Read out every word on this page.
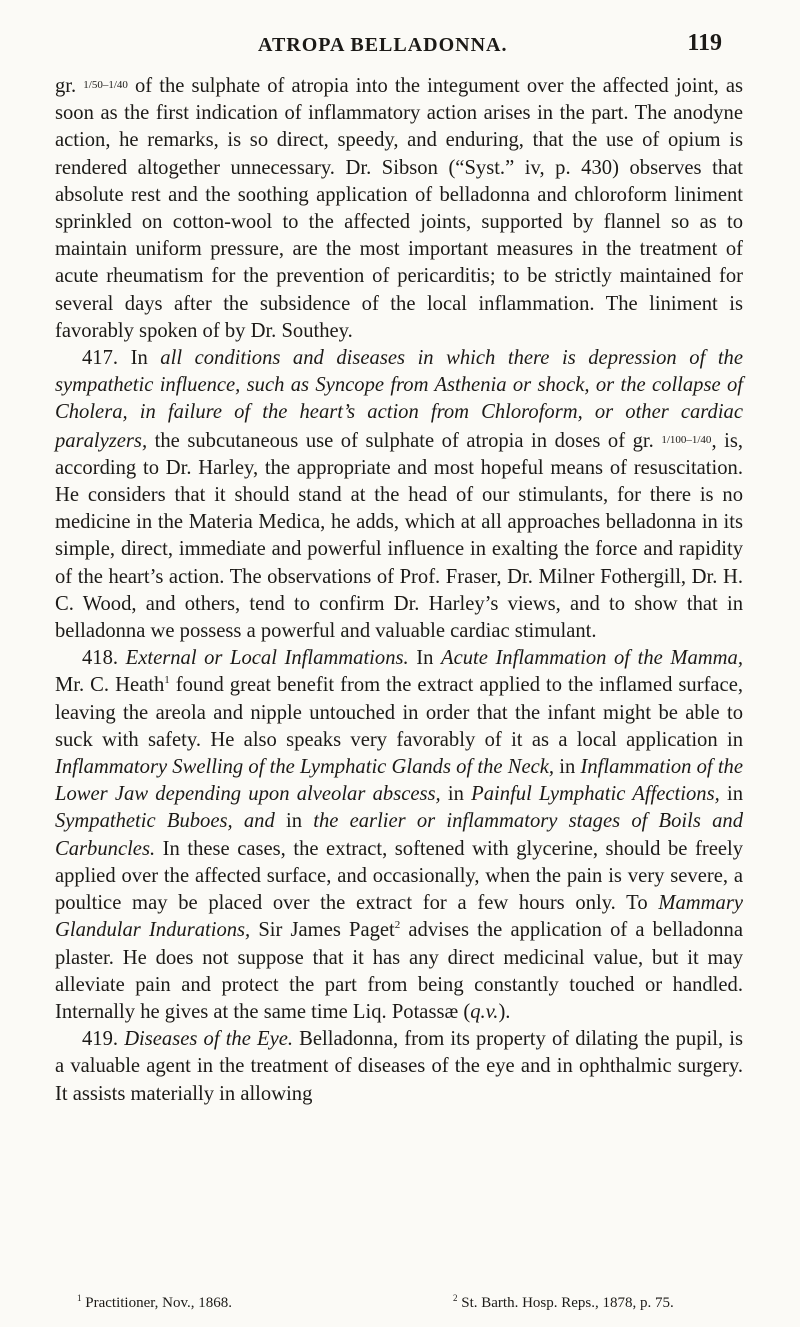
ATROPA BELLADONNA.	119

gr. 1/50–1/40 of the sulphate of atropia into the integument over the affected joint, as soon as the first indication of inflammatory action arises in the part. The anodyne action, he remarks, is so direct, speedy, and enduring, that the use of opium is rendered altogether unnecessary. Dr. Sibson (“Syst.” iv, p. 430) observes that absolute rest and the soothing application of belladonna and chloroform liniment sprinkled on cotton-wool to the affected joints, supported by flannel so as to maintain uniform pressure, are the most important measures in the treatment of acute rheumatism for the prevention of pericarditis; to be strictly maintained for several days after the subsidence of the local inflammation. The liniment is favorably spoken of by Dr. Southey.

417. In all conditions and diseases in which there is depression of the sympathetic influence, such as Syncope from Asthenia or shock, or the collapse of Cholera, in failure of the heart’s action from Chloroform, or other cardiac paralyzers, the subcutaneous use of sulphate of atropia in doses of gr. 1/100–1/40, is, according to Dr. Harley, the appropriate and most hopeful means of resuscitation. He considers that it should stand at the head of our stimulants, for there is no medicine in the Materia Medica, he adds, which at all approaches belladonna in its simple, direct, immediate and powerful influence in exalting the force and rapidity of the heart’s action. The observations of Prof. Fraser, Dr. Milner Fothergill, Dr. H. C. Wood, and others, tend to confirm Dr. Harley’s views, and to show that in belladonna we possess a powerful and valuable cardiac stimulant.

418. External or Local Inflammations. In Acute Inflammation of the Mamma, Mr. C. Heath$^1$ found great benefit from the extract applied to the inflamed surface, leaving the areola and nipple untouched in order that the infant might be able to suck with safety. He also speaks very favorably of it as a local application in Inflammatory Swelling of the Lymphatic Glands of the Neck, in Inflammation of the Lower Jaw depending upon alveolar abscess, in Painful Lymphatic Affections, in Sympathetic Buboes, and in the earlier or inflammatory stages of Boils and Carbuncles. In these cases, the extract, softened with glycerine, should be freely applied over the affected surface, and occasionally, when the pain is very severe, a poultice may be placed over the extract for a few hours only. To Mammary Glandular Indurations, Sir James Paget$^2$ advises the application of a belladonna plaster. He does not suppose that it has any direct medicinal value, but it may alleviate pain and protect the part from being constantly touched or handled. Internally he gives at the same time Liq. Potassæ (q.v.).

419. Diseases of the Eye. Belladonna, from its property of dilating the pupil, is a valuable agent in the treatment of diseases of the eye and in ophthalmic surgery. It assists materially in allowing

$^1$ Practitioner, Nov., 1868.	$^2$ St. Barth. Hosp. Reps., 1878, p. 75.
